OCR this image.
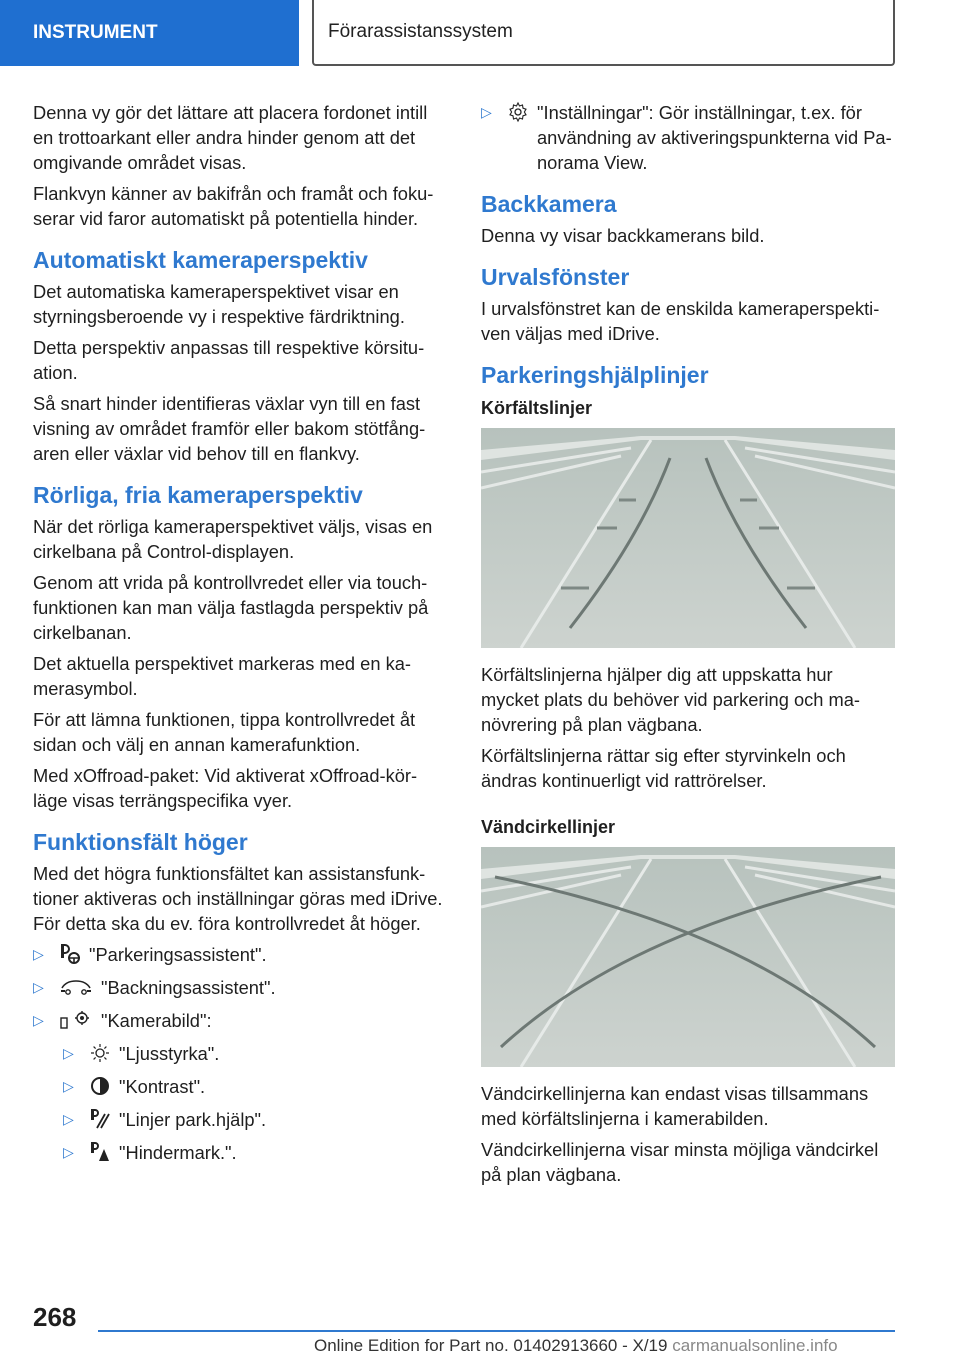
INSTRUMENT	Förarassistanssystem

Denna vy gör det lättare att placera fordonet intill en trottoarkant eller andra hinder genom att det omgivande området visas.

Flankvyn känner av bakifrån och framåt och foku-serar vid faror automatiskt på potentiella hinder.

Automatiskt kameraperspektiv

Det automatiska kameraperspektivet visar en styrningsberoende vy i respektive färdriktning.

Detta perspektiv anpassas till respektive körsitu-ation.

Så snart hinder identifieras växlar vyn till en fast visning av området framför eller bakom stötfång-aren eller växlar vid behov till en flankvy.

Rörliga, fria kameraperspektiv

När det rörliga kameraperspektivet väljs, visas en cirkelbana på Control-displayen.

Genom att vrida på kontrollvredet eller via touch-funktionen kan man välja fastlagda perspektiv på cirkelbanan.

Det aktuella perspektivet markeras med en ka-merasymbol.

För att lämna funktionen, tippa kontrollvredet åt sidan och välj en annan kamerafunktion.

Med xOffroad-paket: Vid aktiverat xOffroad-kör-läge visas terrängspecifika vyer.

Funktionsfält höger

Med det högra funktionsfältet kan assistansfunk-tioner aktiveras och inställningar göras med iDrive. För detta ska du ev. föra kontrollvredet åt höger.

▷	"Parkeringsassistent".
▷	"Backningsassistent".
▷	"Kamerabild":
▷	"Ljusstyrka".
▷	"Kontrast".
▷	"Linjer park.hjälp".
▷	"Hindermark.".
▷	"Inställningar": Gör inställningar, t.ex. för användning av aktiveringspunkterna vid Pa-norama View.
Backkamera

Denna vy visar backkamerans bild.

Urvalsfönster

I urvalsfönstret kan de enskilda kameraperspekti-ven väljas med iDrive.

Parkeringshjälplinjer
Körfältslinjer

Körfältslinjerna hjälper dig att uppskatta hur mycket plats du behöver vid parkering och ma-növrering på plan vägbana.

Körfältslinjerna rättar sig efter styrvinkeln och ändras kontinuerligt vid rattrörelser.

Vändcirkellinjer

Vändcirkellinjerna kan endast visas tillsammans med körfältslinjerna i kamerabilden.

Vändcirkellinjerna visar minsta möjliga vändcirkel på plan vägbana.

268
Online Edition for Part no. 01402913660 - X/19 carmanualsonline.info
